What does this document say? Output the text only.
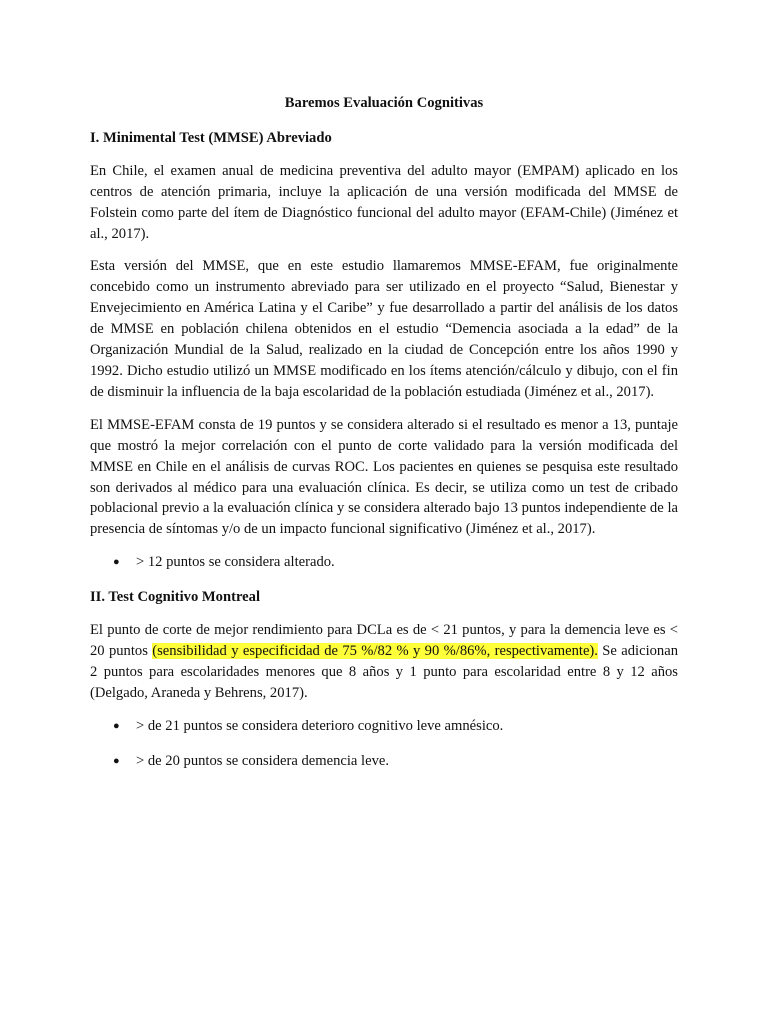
Baremos Evaluación Cognitivas
I. Minimental Test (MMSE) Abreviado

En Chile, el examen anual de medicina preventiva del adulto mayor (EMPAM) aplicado en los centros de atención primaria, incluye la aplicación de una versión modificada del MMSE de Folstein como parte del ítem de Diagnóstico funcional del adulto mayor (EFAM-Chile) (Jiménez et al., 2017).

Esta versión del MMSE, que en este estudio llamaremos MMSE-EFAM, fue originalmente concebido como un instrumento abreviado para ser utilizado en el proyecto “Salud, Bienestar y Envejecimiento en América Latina y el Caribe” y fue desarrollado a partir del análisis de los datos de MMSE en población chilena obtenidos en el estudio “Demencia asociada a la edad” de la Organización Mundial de la Salud, realizado en la ciudad de Concepción entre los años 1990 y 1992. Dicho estudio utilizó un MMSE modificado en los ítems atención/cálculo y dibujo, con el fin de disminuir la influencia de la baja escolaridad de la población estudiada (Jiménez et al., 2017).

El MMSE-EFAM consta de 19 puntos y se considera alterado si el resultado es menor a 13, puntaje que mostró la mejor correlación con el punto de corte validado para la versión modificada del MMSE en Chile en el análisis de curvas ROC. Los pacientes en quienes se pesquisa este resultado son derivados al médico para una evaluación clínica. Es decir, se utiliza como un test de cribado poblacional previo a la evaluación clínica y se considera alterado bajo 13 puntos independiente de la presencia de síntomas y/o de un impacto funcional significativo (Jiménez et al., 2017).

● > 12 puntos se considera alterado.
II. Test Cognitivo Montreal

El punto de corte de mejor rendimiento para DCLa es de < 21 puntos, y para la demencia leve es < 20 puntos (sensibilidad y especificidad de 75 %/82 % y 90 %/86%, respectivamente). Se adicionan 2 puntos para escolaridades menores que 8 años y 1 punto para escolaridad entre 8 y 12 años (Delgado, Araneda y Behrens, 2017).

● > de 21 puntos se considera deterioro cognitivo leve amnésico.
● > de 20 puntos se considera demencia leve.
